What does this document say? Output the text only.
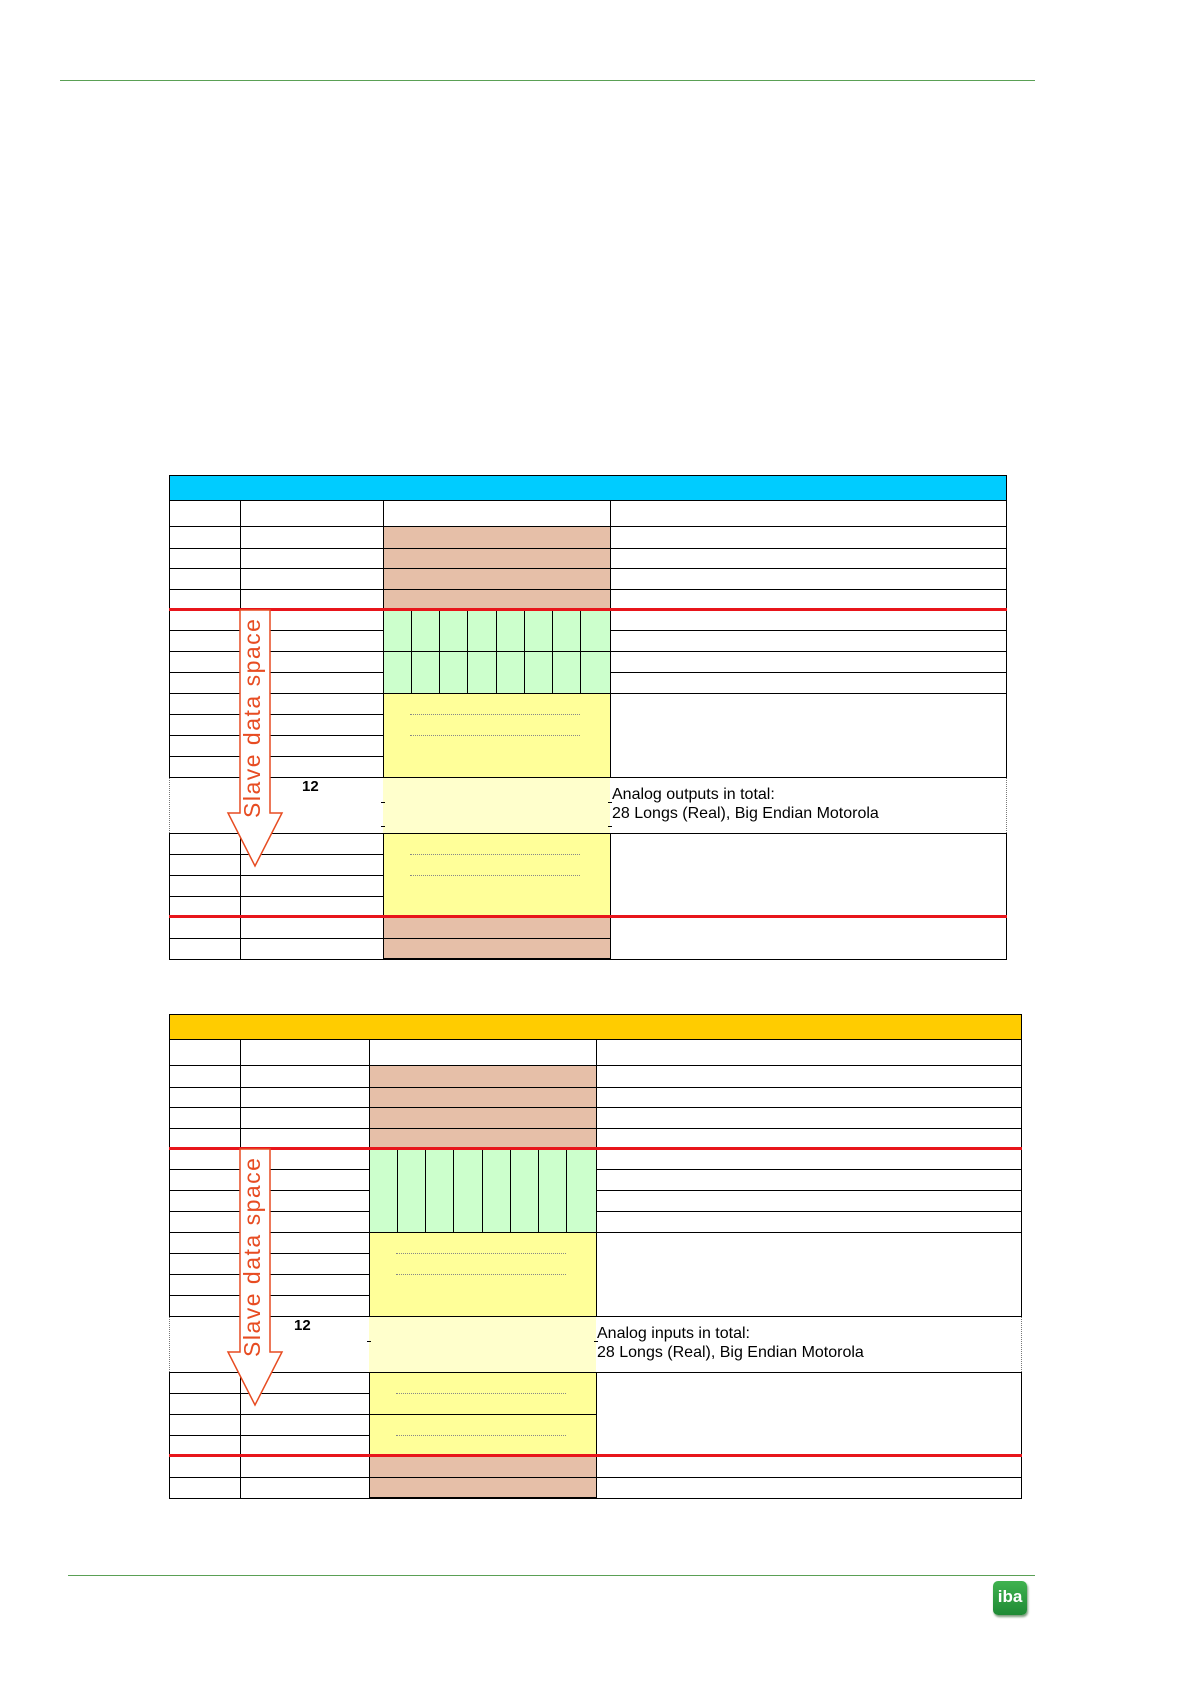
12	Analog outputs in total:
28 Longs (Real), Big Endian Motorola
Slave data space
12	Analog inputs in total:
28 Longs (Real), Big Endian Motorola
Slave data space
iba
